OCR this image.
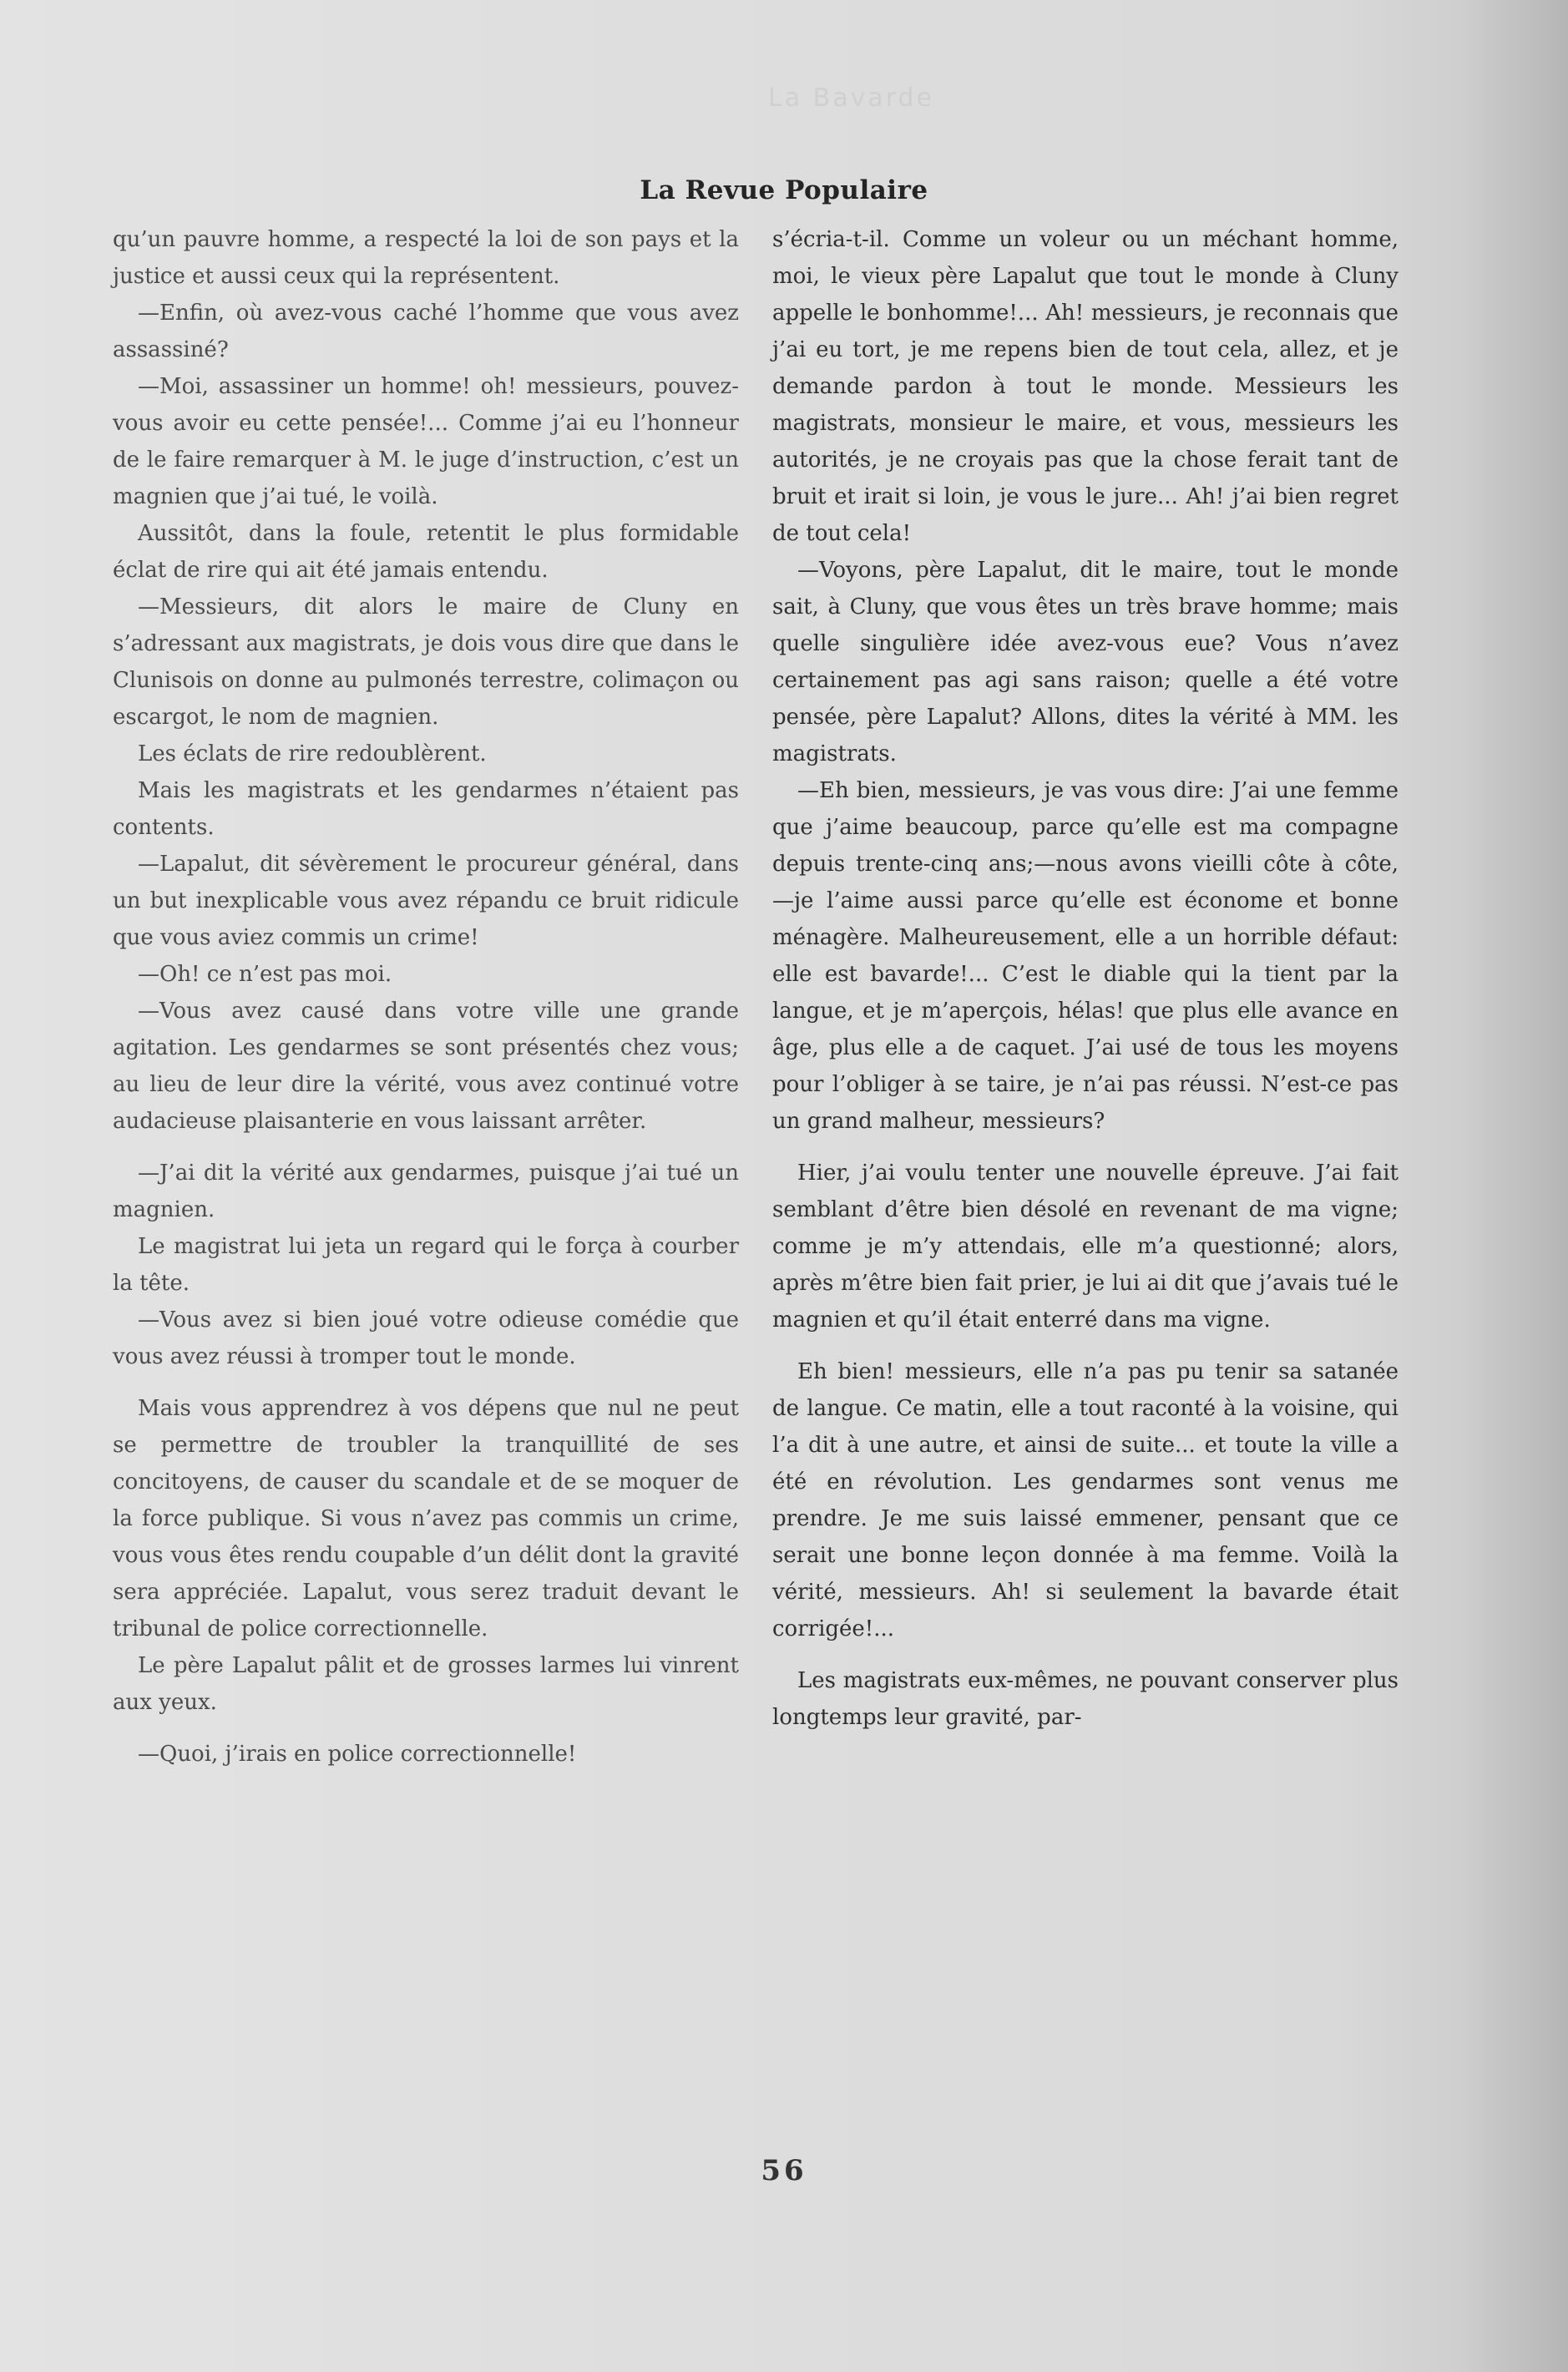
La Bavarde
La Revue Populaire

qu’un pauvre homme, a respecté la loi de son pays et la justice et aussi ceux qui la représentent.

—Enfin, où avez-vous caché l’homme que vous avez assassiné?

—Moi, assassiner un homme! oh! messieurs, pouvez-vous avoir eu cette pensée!... Comme j’ai eu l’honneur de le faire remarquer à M. le juge d’instruction, c’est un magnien que j’ai tué, le voilà.

Aussitôt, dans la foule, retentit le plus formidable éclat de rire qui ait été jamais entendu.

—Messieurs, dit alors le maire de Cluny en s’adressant aux magistrats, je dois vous dire que dans le Clunisois on donne au pulmonés terrestre, colimaçon ou escargot, le nom de magnien.

Les éclats de rire redoublèrent.

Mais les magistrats et les gendarmes n’étaient pas contents.

—Lapalut, dit sévèrement le procureur général, dans un but inexplicable vous avez répandu ce bruit ridicule que vous aviez commis un crime!

—Oh! ce n’est pas moi.

—Vous avez causé dans votre ville une grande agitation. Les gendarmes se sont présentés chez vous; au lieu de leur dire la vérité, vous avez continué votre audacieuse plaisanterie en vous laissant arrêter.

—J’ai dit la vérité aux gendarmes, puisque j’ai tué un magnien.

Le magistrat lui jeta un regard qui le força à courber la tête.

—Vous avez si bien joué votre odieuse comédie que vous avez réussi à tromper tout le monde.

Mais vous apprendrez à vos dépens que nul ne peut se permettre de troubler la tranquillité de ses concitoyens, de causer du scandale et de se moquer de la force publique. Si vous n’avez pas commis un crime, vous vous êtes rendu coupable d’un délit dont la gravité sera appréciée. Lapalut, vous serez traduit devant le tribunal de police correctionnelle.

Le père Lapalut pâlit et de grosses larmes lui vinrent aux yeux.

—Quoi, j’irais en police correctionnelle!

s’écria-t-il. Comme un voleur ou un méchant homme, moi, le vieux père Lapalut que tout le monde à Cluny appelle le bonhomme!... Ah! messieurs, je reconnais que j’ai eu tort, je me repens bien de tout cela, allez, et je demande pardon à tout le monde. Messieurs les magistrats, monsieur le maire, et vous, messieurs les autorités, je ne croyais pas que la chose ferait tant de bruit et irait si loin, je vous le jure... Ah! j’ai bien regret de tout cela!

—Voyons, père Lapalut, dit le maire, tout le monde sait, à Cluny, que vous êtes un très brave homme; mais quelle singulière idée avez-vous eue? Vous n’avez certainement pas agi sans raison; quelle a été votre pensée, père Lapalut? Allons, dites la vérité à MM. les magistrats.

—Eh bien, messieurs, je vas vous dire: J’ai une femme que j’aime beaucoup, parce qu’elle est ma compagne depuis trente-cinq ans;—nous avons vieilli côte à côte, —je l’aime aussi parce qu’elle est économe et bonne ménagère. Malheureusement, elle a un horrible défaut: elle est bavarde!... C’est le diable qui la tient par la langue, et je m’aperçois, hélas! que plus elle avance en âge, plus elle a de caquet. J’ai usé de tous les moyens pour l’obliger à se taire, je n’ai pas réussi. N’est-ce pas un grand malheur, messieurs?

Hier, j’ai voulu tenter une nouvelle épreuve. J’ai fait semblant d’être bien désolé en revenant de ma vigne; comme je m’y attendais, elle m’a questionné; alors, après m’être bien fait prier, je lui ai dit que j’avais tué le magnien et qu’il était enterré dans ma vigne.

Eh bien! messieurs, elle n’a pas pu tenir sa satanée de langue. Ce matin, elle a tout raconté à la voisine, qui l’a dit à une autre, et ainsi de suite... et toute la ville a été en révolution. Les gendarmes sont venus me prendre. Je me suis laissé emmener, pensant que ce serait une bonne leçon donnée à ma femme. Voilà la vérité, messieurs. Ah! si seulement la bavarde était corrigée!...

Les magistrats eux-mêmes, ne pouvant conserver plus longtemps leur gravité, par-

56
